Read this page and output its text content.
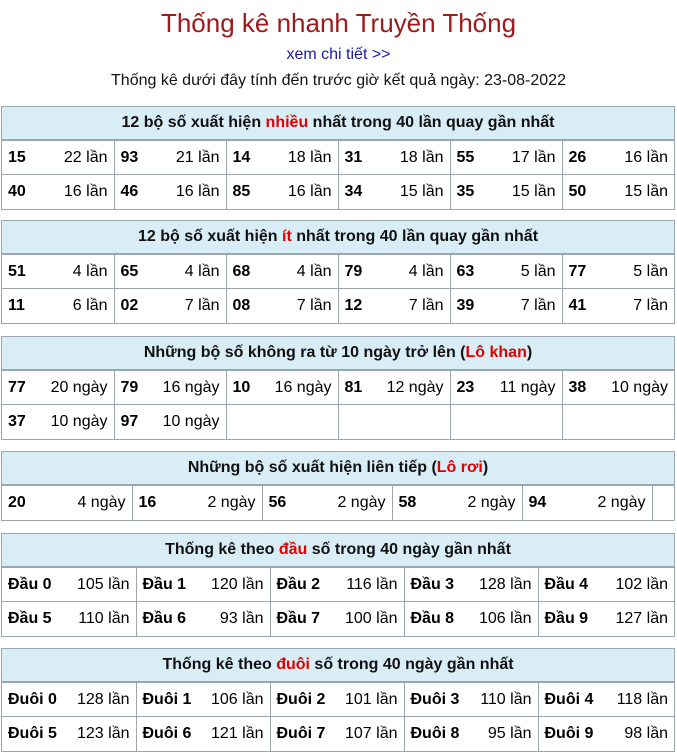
Thống kê nhanh Truyền Thống
xem chi tiết >>
Thống kê dưới đây tính đến trước giờ kết quả ngày: 23-08-2022
12 bộ số xuất hiện nhiều nhất trong 40 lần quay gần nhất
15 22 lần	93 21 lần	14 18 lần	31 18 lần	55 17 lần	26 16 lần

40 16 lần	46 16 lần	85 16 lần	34 15 lần	35 15 lần	50 15 lần
12 bộ số xuất hiện ít nhất trong 40 lần quay gần nhất
51 4 lần	65 4 lần	68 4 lần	79 4 lần	63 5 lần	77 5 lần

11 6 lần	02 7 lần	08 7 lần	12 7 lần	39 7 lần	41 7 lần
Những bộ số không ra từ 10 ngày trở lên (Lô khan)
77 20 ngày	79 16 ngày	10 16 ngày	81 12 ngày	23 11 ngày	38 10 ngày

37 10 ngày	97 10 ngày				

Những bộ số xuất hiện liên tiếp (Lô rơi)
20	4 ngày	16	2 ngày	56	2 ngày	58	2 ngày	94	2 ngày

Thống kê theo đầu số trong 40 ngày gần nhất
Đầu 0 105 lần	Đầu 1 120 lần	Đầu 2 116 lần	Đầu 3 128 lần	Đầu 4 102 lần

Đầu 5 110 lần	Đầu 6 93 lần	Đầu 7 100 lần	Đầu 8 106 lần	Đầu 9 127 lần
Thống kê theo đuôi số trong 40 ngày gần nhất
Đuôi 0 128 lần	Đuôi 1 106 lần	Đuôi 2 101 lần	Đuôi 3 110 lần	Đuôi 4 118 lần

Đuôi 5 123 lần	Đuôi 6 121 lần	Đuôi 7 107 lần	Đuôi 8 95 lần	Đuôi 9 98 lần
